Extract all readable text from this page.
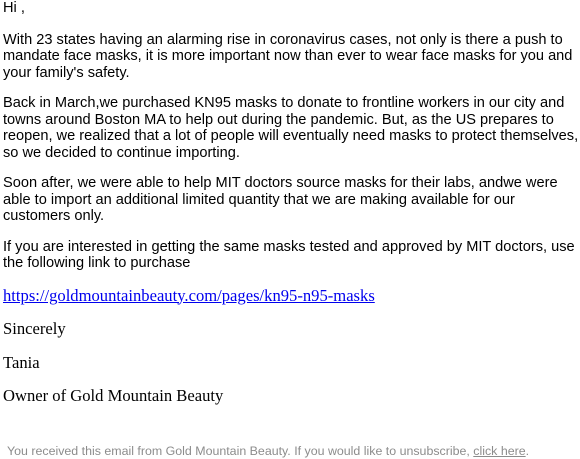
Hi ,

With 23 states having an alarming rise in coronavirus cases, not only is there a push to mandate face masks, it is more important now than ever to wear face masks for you and your family's safety.

Back in March,we purchased KN95 masks to donate to frontline workers in our city and towns around Boston MA to help out during the pandemic. But, as the US prepares to reopen, we realized that a lot of people will eventually need masks to protect themselves, so we decided to continue importing.

Soon after, we were able to help MIT doctors source masks for their labs, andwe were able to import an additional limited quantity that we are making available for our customers only.

If you are interested in getting the same masks tested and approved by MIT doctors, use the following link to purchase

https://goldmountainbeauty.com/pages/kn95-n95-masks

Sincerely

Tania

Owner of Gold Mountain Beauty

You received this email from Gold Mountain Beauty. If you would like to unsubscribe, click here.
